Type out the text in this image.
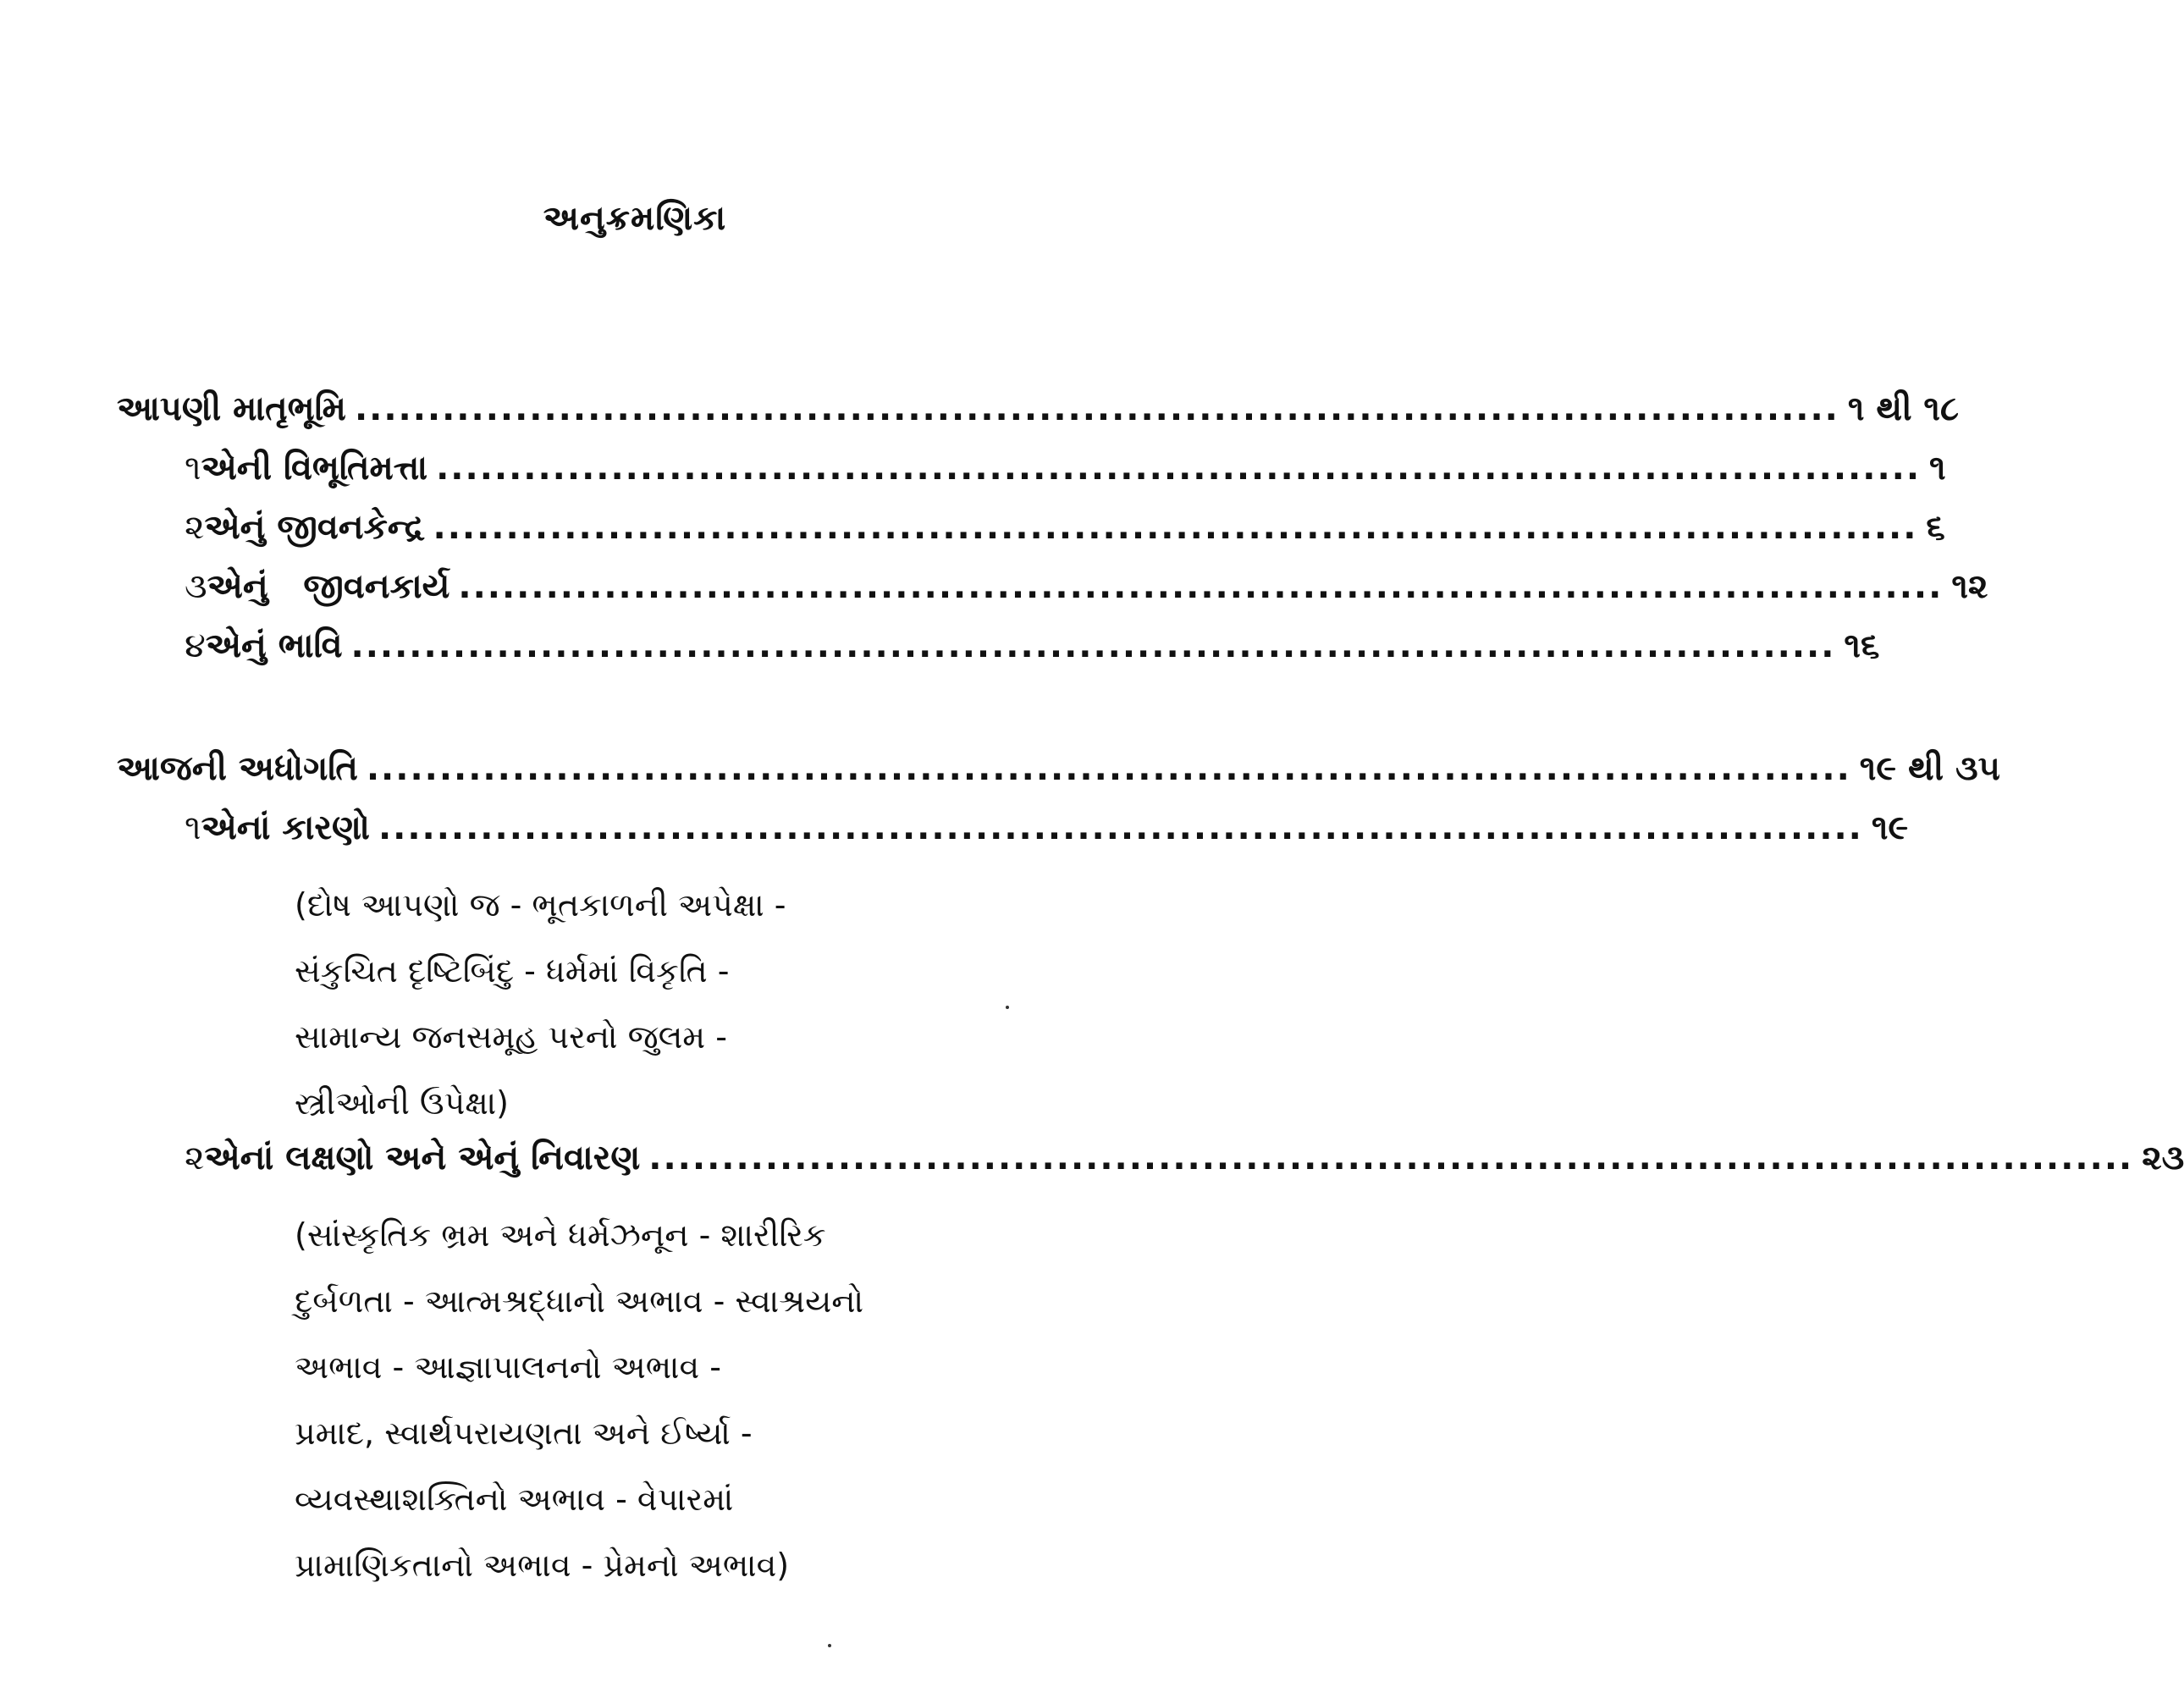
અનુક્રમણિકા
આપણી માતૃભૂમિ ...................................................................................................... ૧ થી ૧૮
૧ એની વિભૂતિમત્તા ...................................................................................................... ૧
૨ એનું જીવનકેન્દ્ર ...................................................................................................... ૬
૩ એનું   જીવનકાર્ય ...................................................................................................... ૧૨
૪ એનું ભાવિ ...................................................................................................... ૧૬
આજની અધોગતિ ...................................................................................................... ૧૯ થી ૩૫
૧ એનાં કારણો ...................................................................................................... ૧૯
(દોષ આપણો જ - ભૂતકાળની અપેક્ષા -
સંકુચિત દૃષ્ટિબિંદુ - ધર્મમાં વિકૃતિ -
સામાન્ય જનસમૂહ પરનો જુલમ -
સ્ત્રીઓની ઉપેક્ષા)
૨ એનાં લક્ષણો અને એનું નિવારણ ...................................................................................................... ૨૩
(સાંસ્કૃતિક ભ્રમ અને ધર્મઝનૂન - શારીરિક
દુર્બળતા - આત્મશ્રદ્ધાનો અભાવ - સ્વાશ્રયનો
અભાવ - આજ્ઞાપાલનનો અભાવ -
પ્રમાદ, સ્વાર્થપરાયણતા અને ઈર્ષ્યા -
વ્યવસ્થાશક્તિનો અભાવ - વેપારમાં
પ્રામાણિકતાનો અભાવ - પ્રેમનો અભાવ)
